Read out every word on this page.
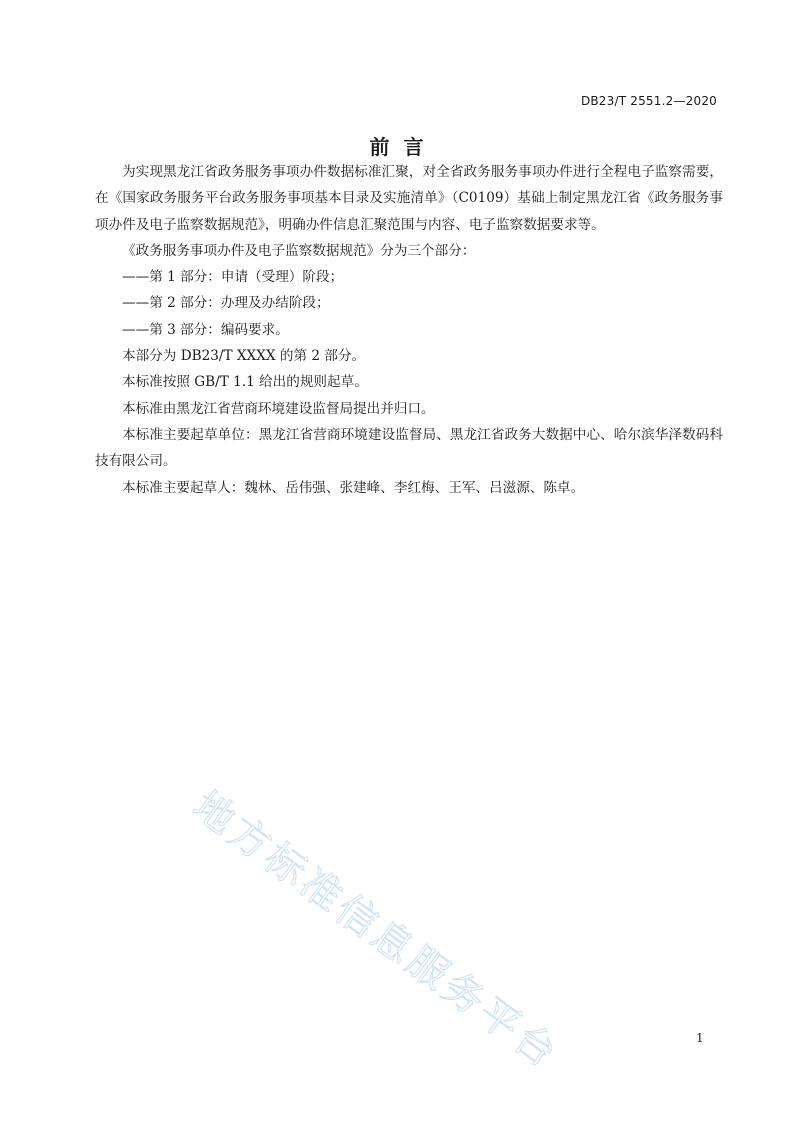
DB23/T 2551.2—2020
前言

为实现黑龙江省政务服务事项办件数据标准汇聚，对全省政务服务事项办件进行全程电子监察需要，在《国家政务服务平台政务服务事项基本目录及实施清单》（C0109）基础上制定黑龙江省《政务服务事项办件及电子监察数据规范》，明确办件信息汇聚范围与内容、电子监察数据要求等。

《政务服务事项办件及电子监察数据规范》分为三个部分：

——第 1 部分：申请（受理）阶段；

——第 2 部分：办理及办结阶段；

——第 3 部分：编码要求。

本部分为 DB23/T XXXX 的第 2 部分。

本标准按照 GB/T 1.1 给出的规则起草。

本标准由黑龙江省营商环境建设监督局提出并归口。

本标准主要起草单位：黑龙江省营商环境建设监督局、黑龙江省政务大数据中心、哈尔滨华泽数码科技有限公司。

本标准主要起草人：魏林、岳伟强、张建峰、李红梅、王军、吕滋源、陈卓。

地方标准信息服务平台	1
